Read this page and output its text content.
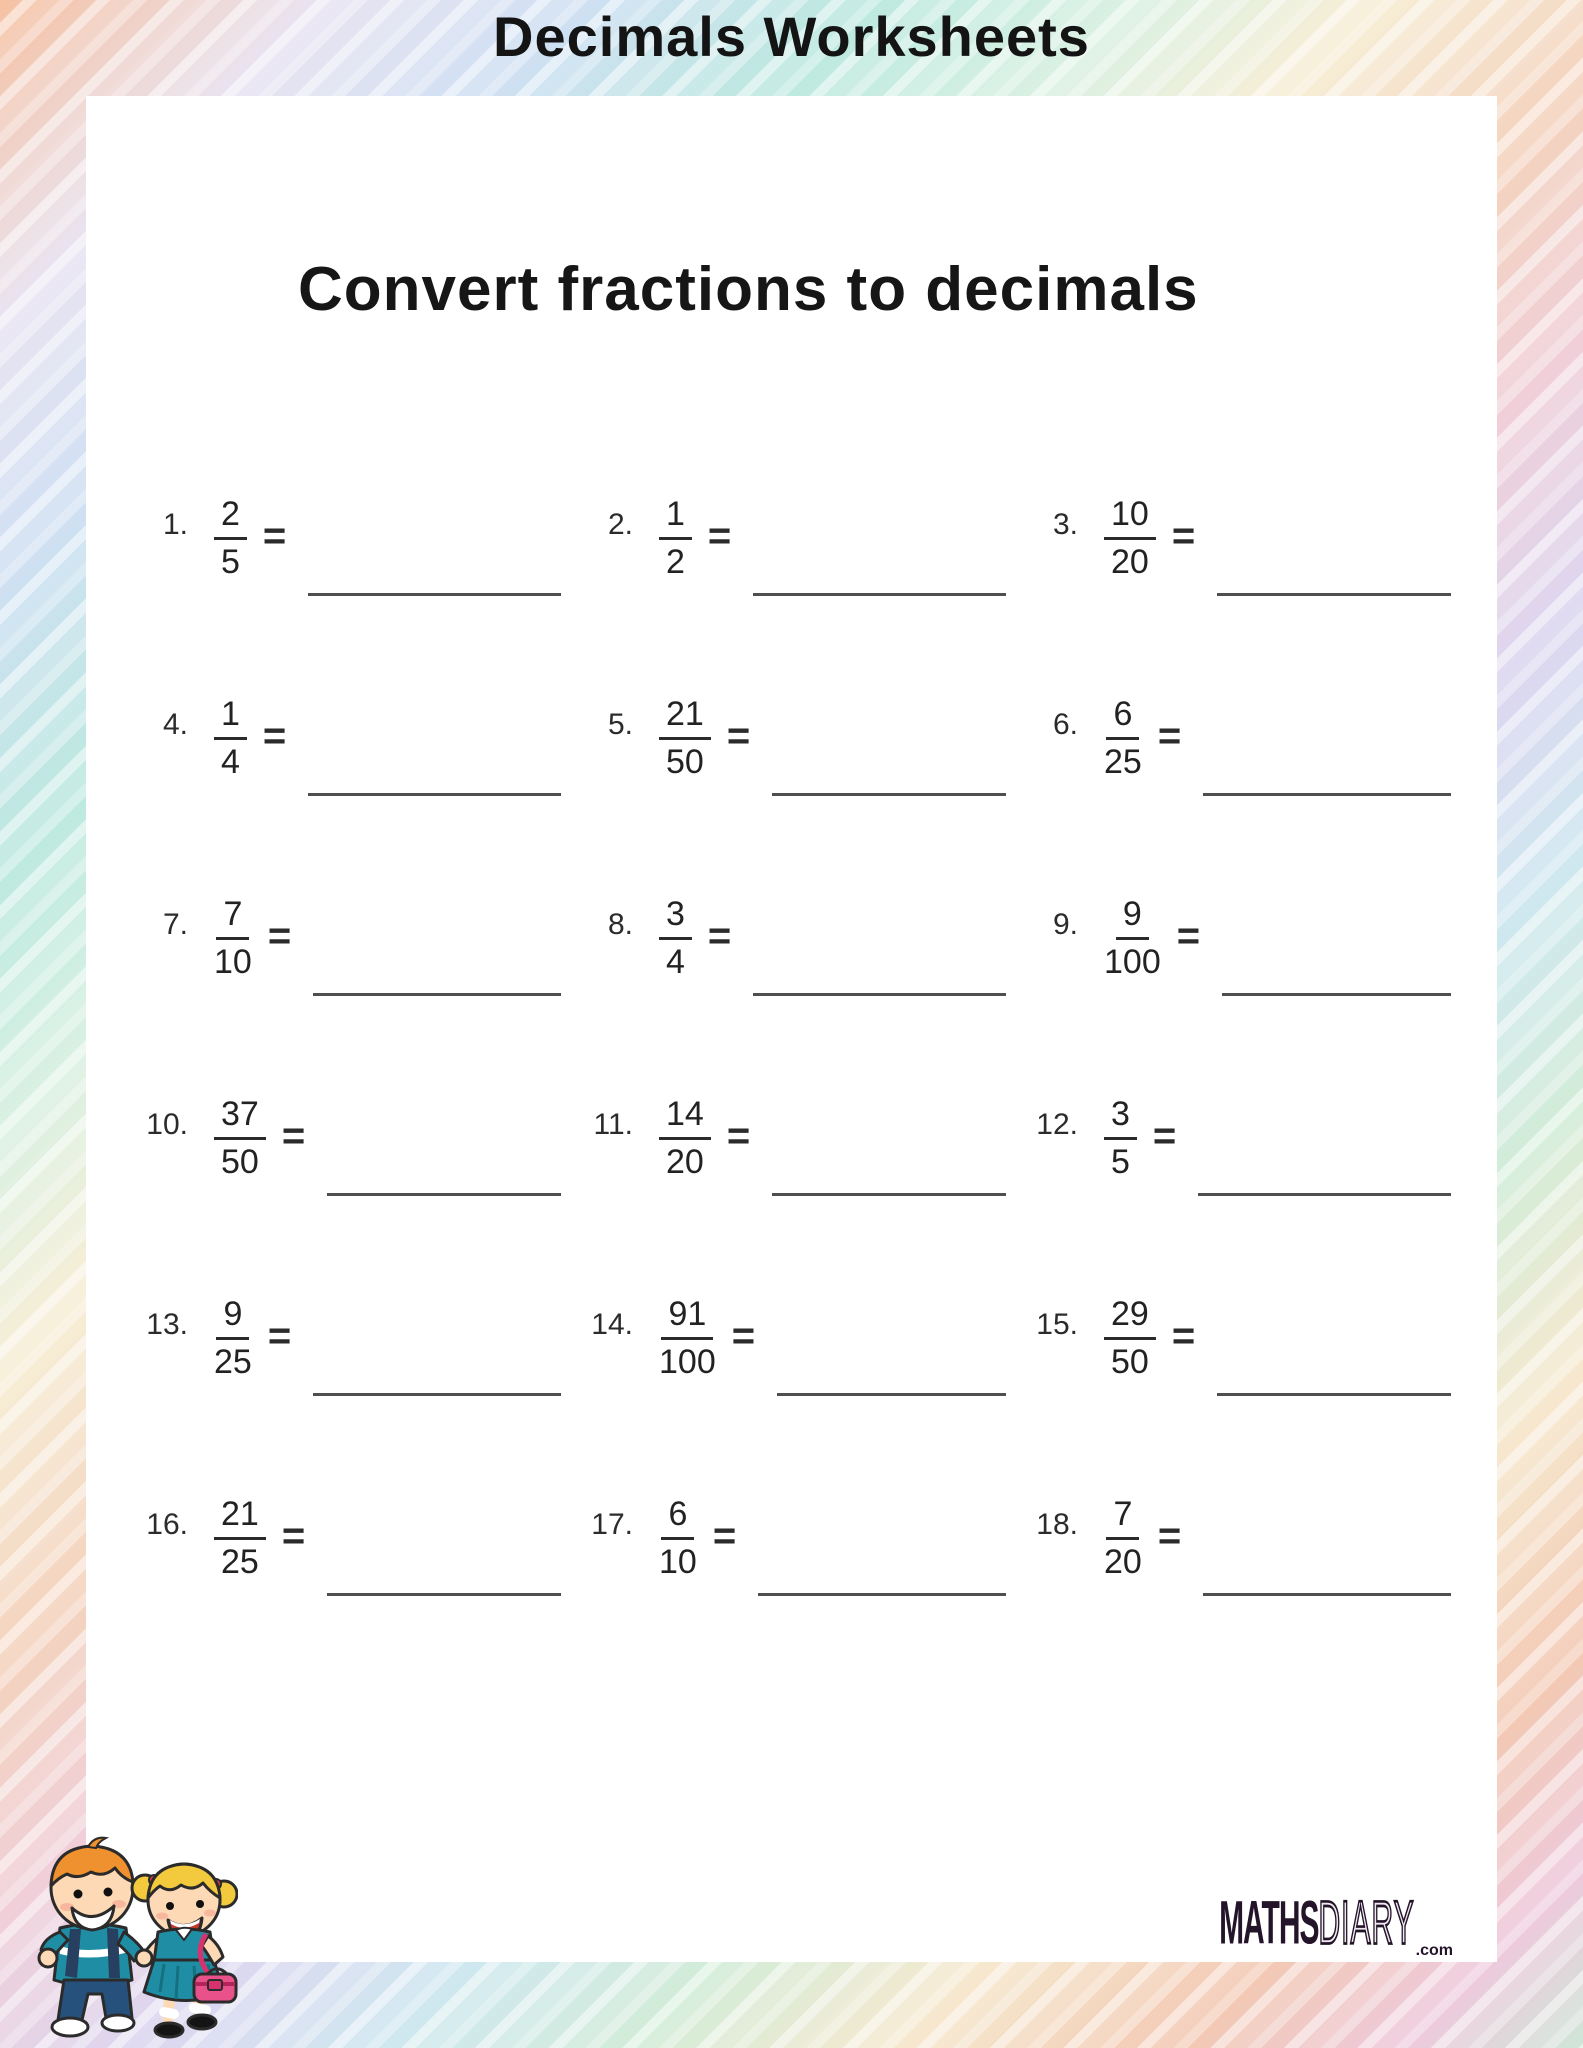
Decimals Worksheets
Convert fractions to decimals
1. $\frac{2}{5}$ =	2. $\frac{1}{2}$ =	3. $\frac{10}{20}$ =
4. $\frac{1}{4}$ =	5. $\frac{21}{50}$ =	6. $\frac{6}{25}$ =
7. $\frac{7}{10}$ =	8. $\frac{3}{4}$ =	9. $\frac{9}{100}$ =
10. $\frac{37}{50}$ =	11. $\frac{14}{20}$ =	12. $\frac{3}{5}$ =
13. $\frac{9}{25}$ =	14. $\frac{91}{100}$ =	15. $\frac{29}{50}$ =
16. $\frac{21}{25}$ =	17. $\frac{6}{10}$ =	18. $\frac{7}{20}$ =
MATHSDIARY .com
